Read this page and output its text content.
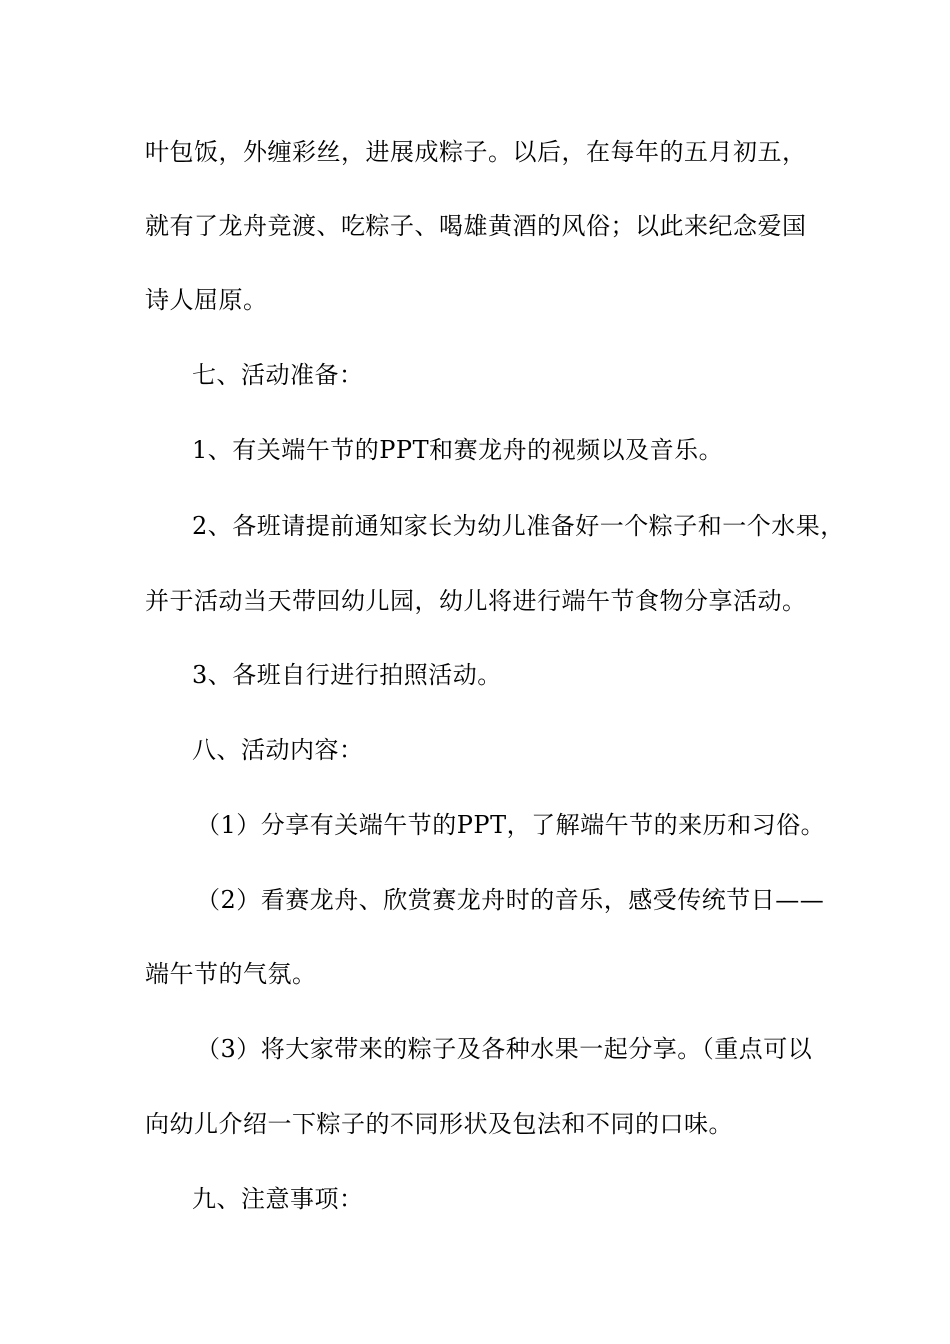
叶包饭，外缠彩丝，进展成粽子。以后，在每年的五月初五，
就有了龙舟竞渡、吃粽子、喝雄黄酒的风俗；以此来纪念爱国
诗人屈原。
七、活动准备：
1、有关端午节的PPT和赛龙舟的视频以及音乐。
2、各班请提前通知家长为幼儿准备好一个粽子和一个水果，
并于活动当天带回幼儿园，幼儿将进行端午节食物分享活动。
3、各班自行进行拍照活动。
八、活动内容：
（1）分享有关端午节的PPT，了解端午节的来历和习俗。
（2）看赛龙舟、欣赏赛龙舟时的音乐，感受传统节日——
端午节的气氛。
（3）将大家带来的粽子及各种水果一起分享。（重点可以
向幼儿介绍一下粽子的不同形状及包法和不同的口味。
九、注意事项：
